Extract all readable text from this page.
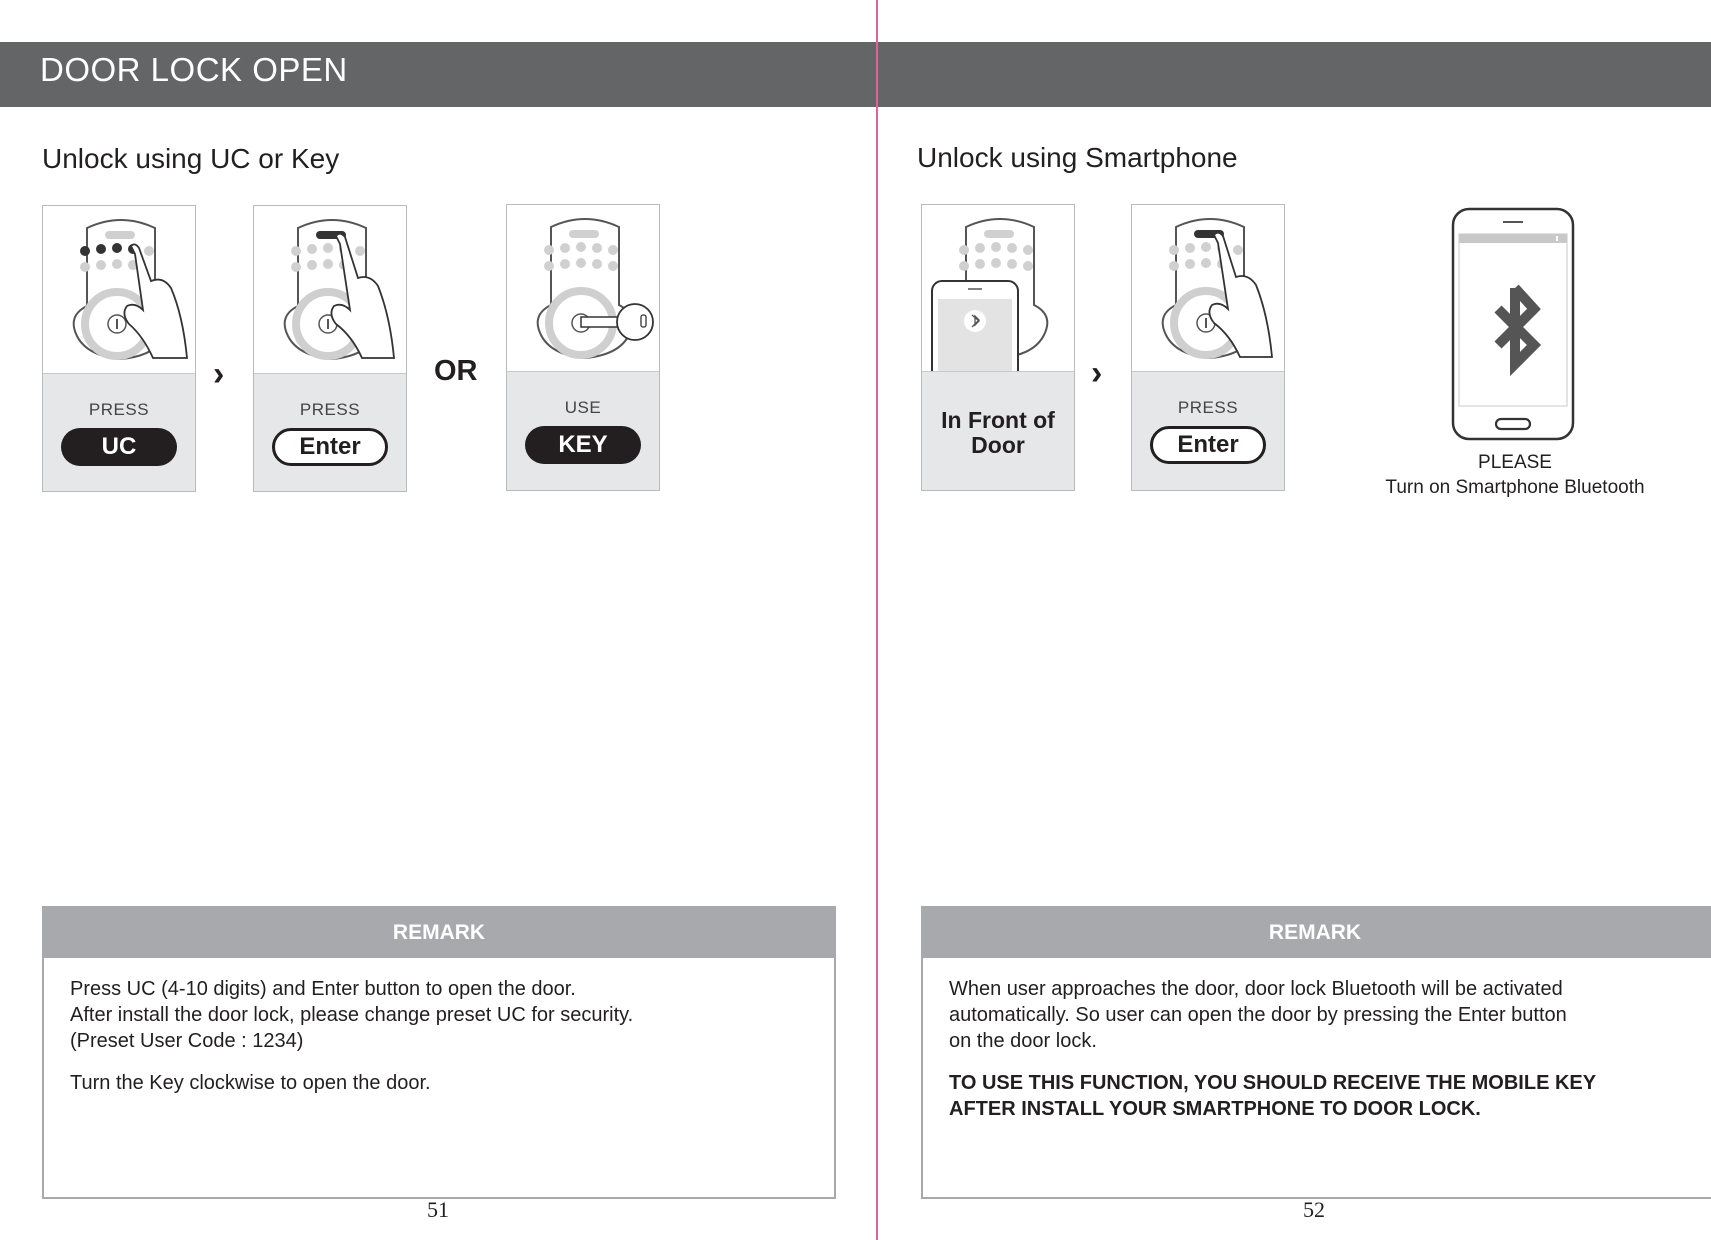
DOOR LOCK OPEN
Unlock using UC or Key
PRESS
UC
›
PRESS
Enter
OR
USE
KEY
REMARK

Press UC (4-10 digits) and Enter button to open the door.
After install the door lock, please change preset UC for security.
(Preset User Code : 1234)

Turn the Key clockwise to open the door.

51
Unlock using Smartphone
In Front of
Door
›
PRESS
Enter
PLEASE
Turn on Smartphone Bluetooth
REMARK

When user approaches the door, door lock Bluetooth will be activated
automatically. So user can open the door by pressing the Enter button
on the door lock.

TO USE THIS FUNCTION, YOU SHOULD RECEIVE THE MOBILE KEY
AFTER INSTALL YOUR SMARTPHONE TO DOOR LOCK.

52
